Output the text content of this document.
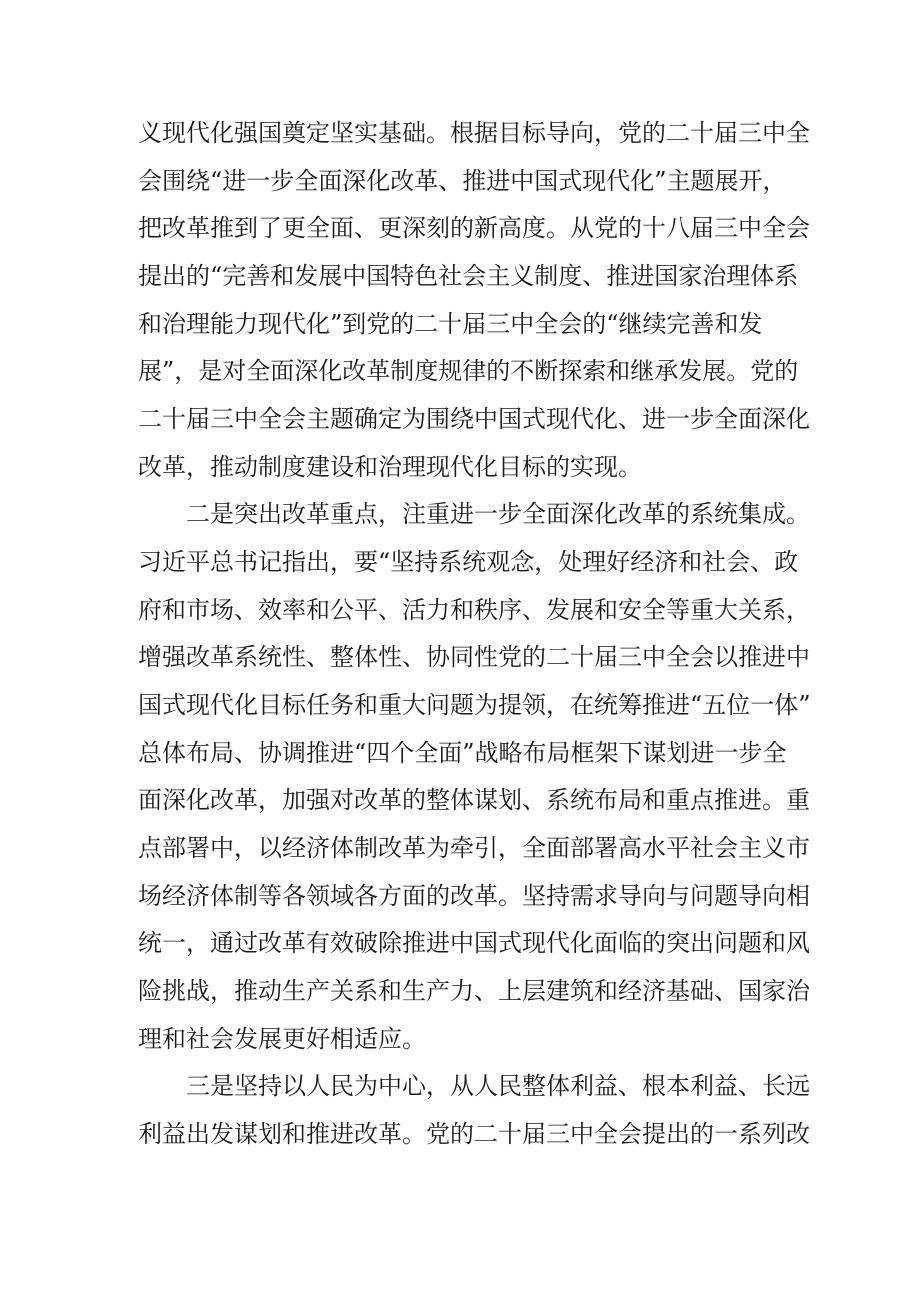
义现代化强国奠定坚实基础。根据目标导向，党的二十届三中全
会围绕“进一步全面深化改革、推进中国式现代化”主题展开，
把改革推到了更全面、更深刻的新高度。从党的十八届三中全会
提出的“完善和发展中国特色社会主义制度、推进国家治理体系
和治理能力现代化”到党的二十届三中全会的“继续完善和发
展”，是对全面深化改革制度规律的不断探索和继承发展。党的
二十届三中全会主题确定为围绕中国式现代化、进一步全面深化
改革，推动制度建设和治理现代化目标的实现。
二是突出改革重点，注重进一步全面深化改革的系统集成。
习近平总书记指出，要“坚持系统观念，处理好经济和社会、政
府和市场、效率和公平、活力和秩序、发展和安全等重大关系，
增强改革系统性、整体性、协同性党的二十届三中全会以推进中
国式现代化目标任务和重大问题为提领，在统筹推进“五位一体”
总体布局、协调推进“四个全面”战略布局框架下谋划进一步全
面深化改革，加强对改革的整体谋划、系统布局和重点推进。重
点部署中，以经济体制改革为牵引，全面部署高水平社会主义市
场经济体制等各领域各方面的改革。坚持需求导向与问题导向相
统一，通过改革有效破除推进中国式现代化面临的突出问题和风
险挑战，推动生产关系和生产力、上层建筑和经济基础、国家治
理和社会发展更好相适应。
三是坚持以人民为中心，从人民整体利益、根本利益、长远
利益出发谋划和推进改革。党的二十届三中全会提出的一系列改
